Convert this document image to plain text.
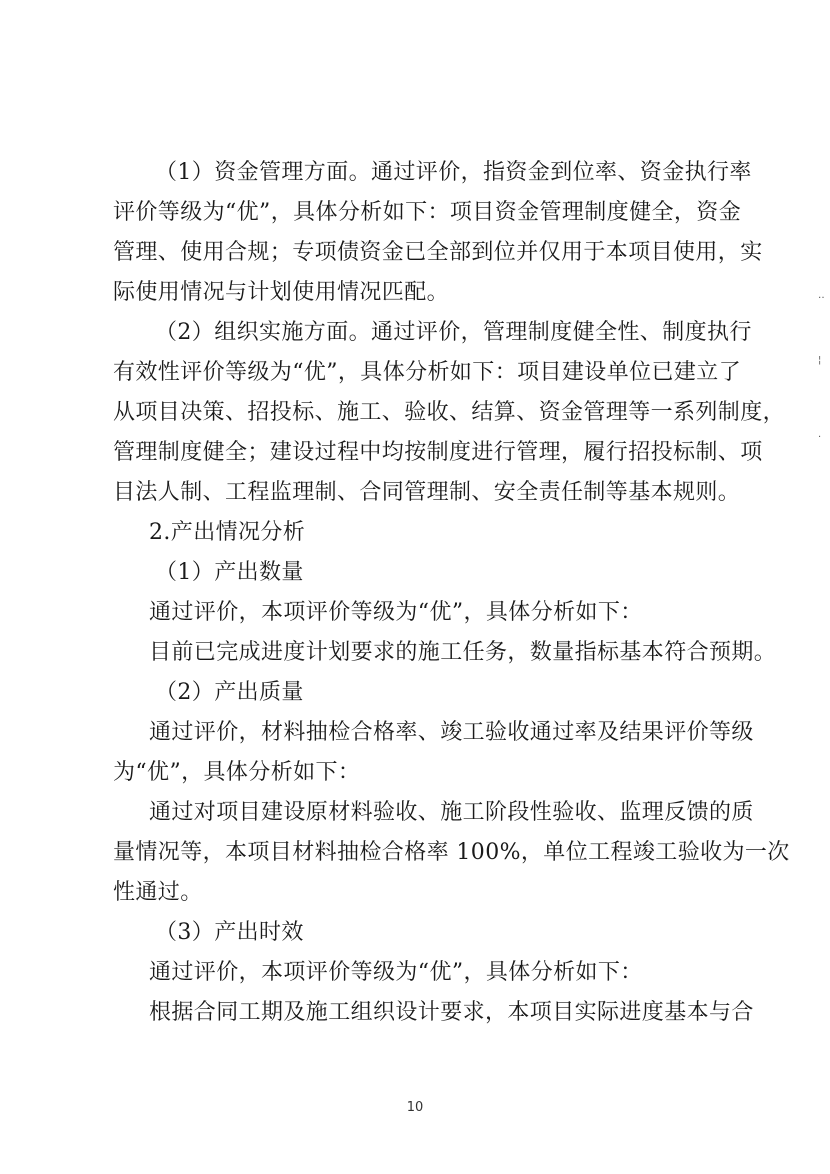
（1）资金管理方面。通过评价，指资金到位率、资金执行率
评价等级为“优”，具体分析如下：项目资金管理制度健全，资金
管理、使用合规；专项债资金已全部到位并仅用于本项目使用，实
际使用情况与计划使用情况匹配。
（2）组织实施方面。通过评价，管理制度健全性、制度执行
有效性评价等级为“优”，具体分析如下：项目建设单位已建立了
从项目决策、招投标、施工、验收、结算、资金管理等一系列制度，
管理制度健全；建设过程中均按制度进行管理，履行招投标制、项
目法人制、工程监理制、合同管理制、安全责任制等基本规则。
2.产出情况分析
（1）产出数量
通过评价，本项评价等级为“优”，具体分析如下：
目前已完成进度计划要求的施工任务，数量指标基本符合预期。
（2）产出质量
通过评价，材料抽检合格率、竣工验收通过率及结果评价等级
为“优”，具体分析如下：
通过对项目建设原材料验收、施工阶段性验收、监理反馈的质
量情况等，本项目材料抽检合格率 100%，单位工程竣工验收为一次
性通过。
（3）产出时效
通过评价，本项评价等级为“优”，具体分析如下：
根据合同工期及施工组织设计要求，本项目实际进度基本与合
10
‥
¦
·
